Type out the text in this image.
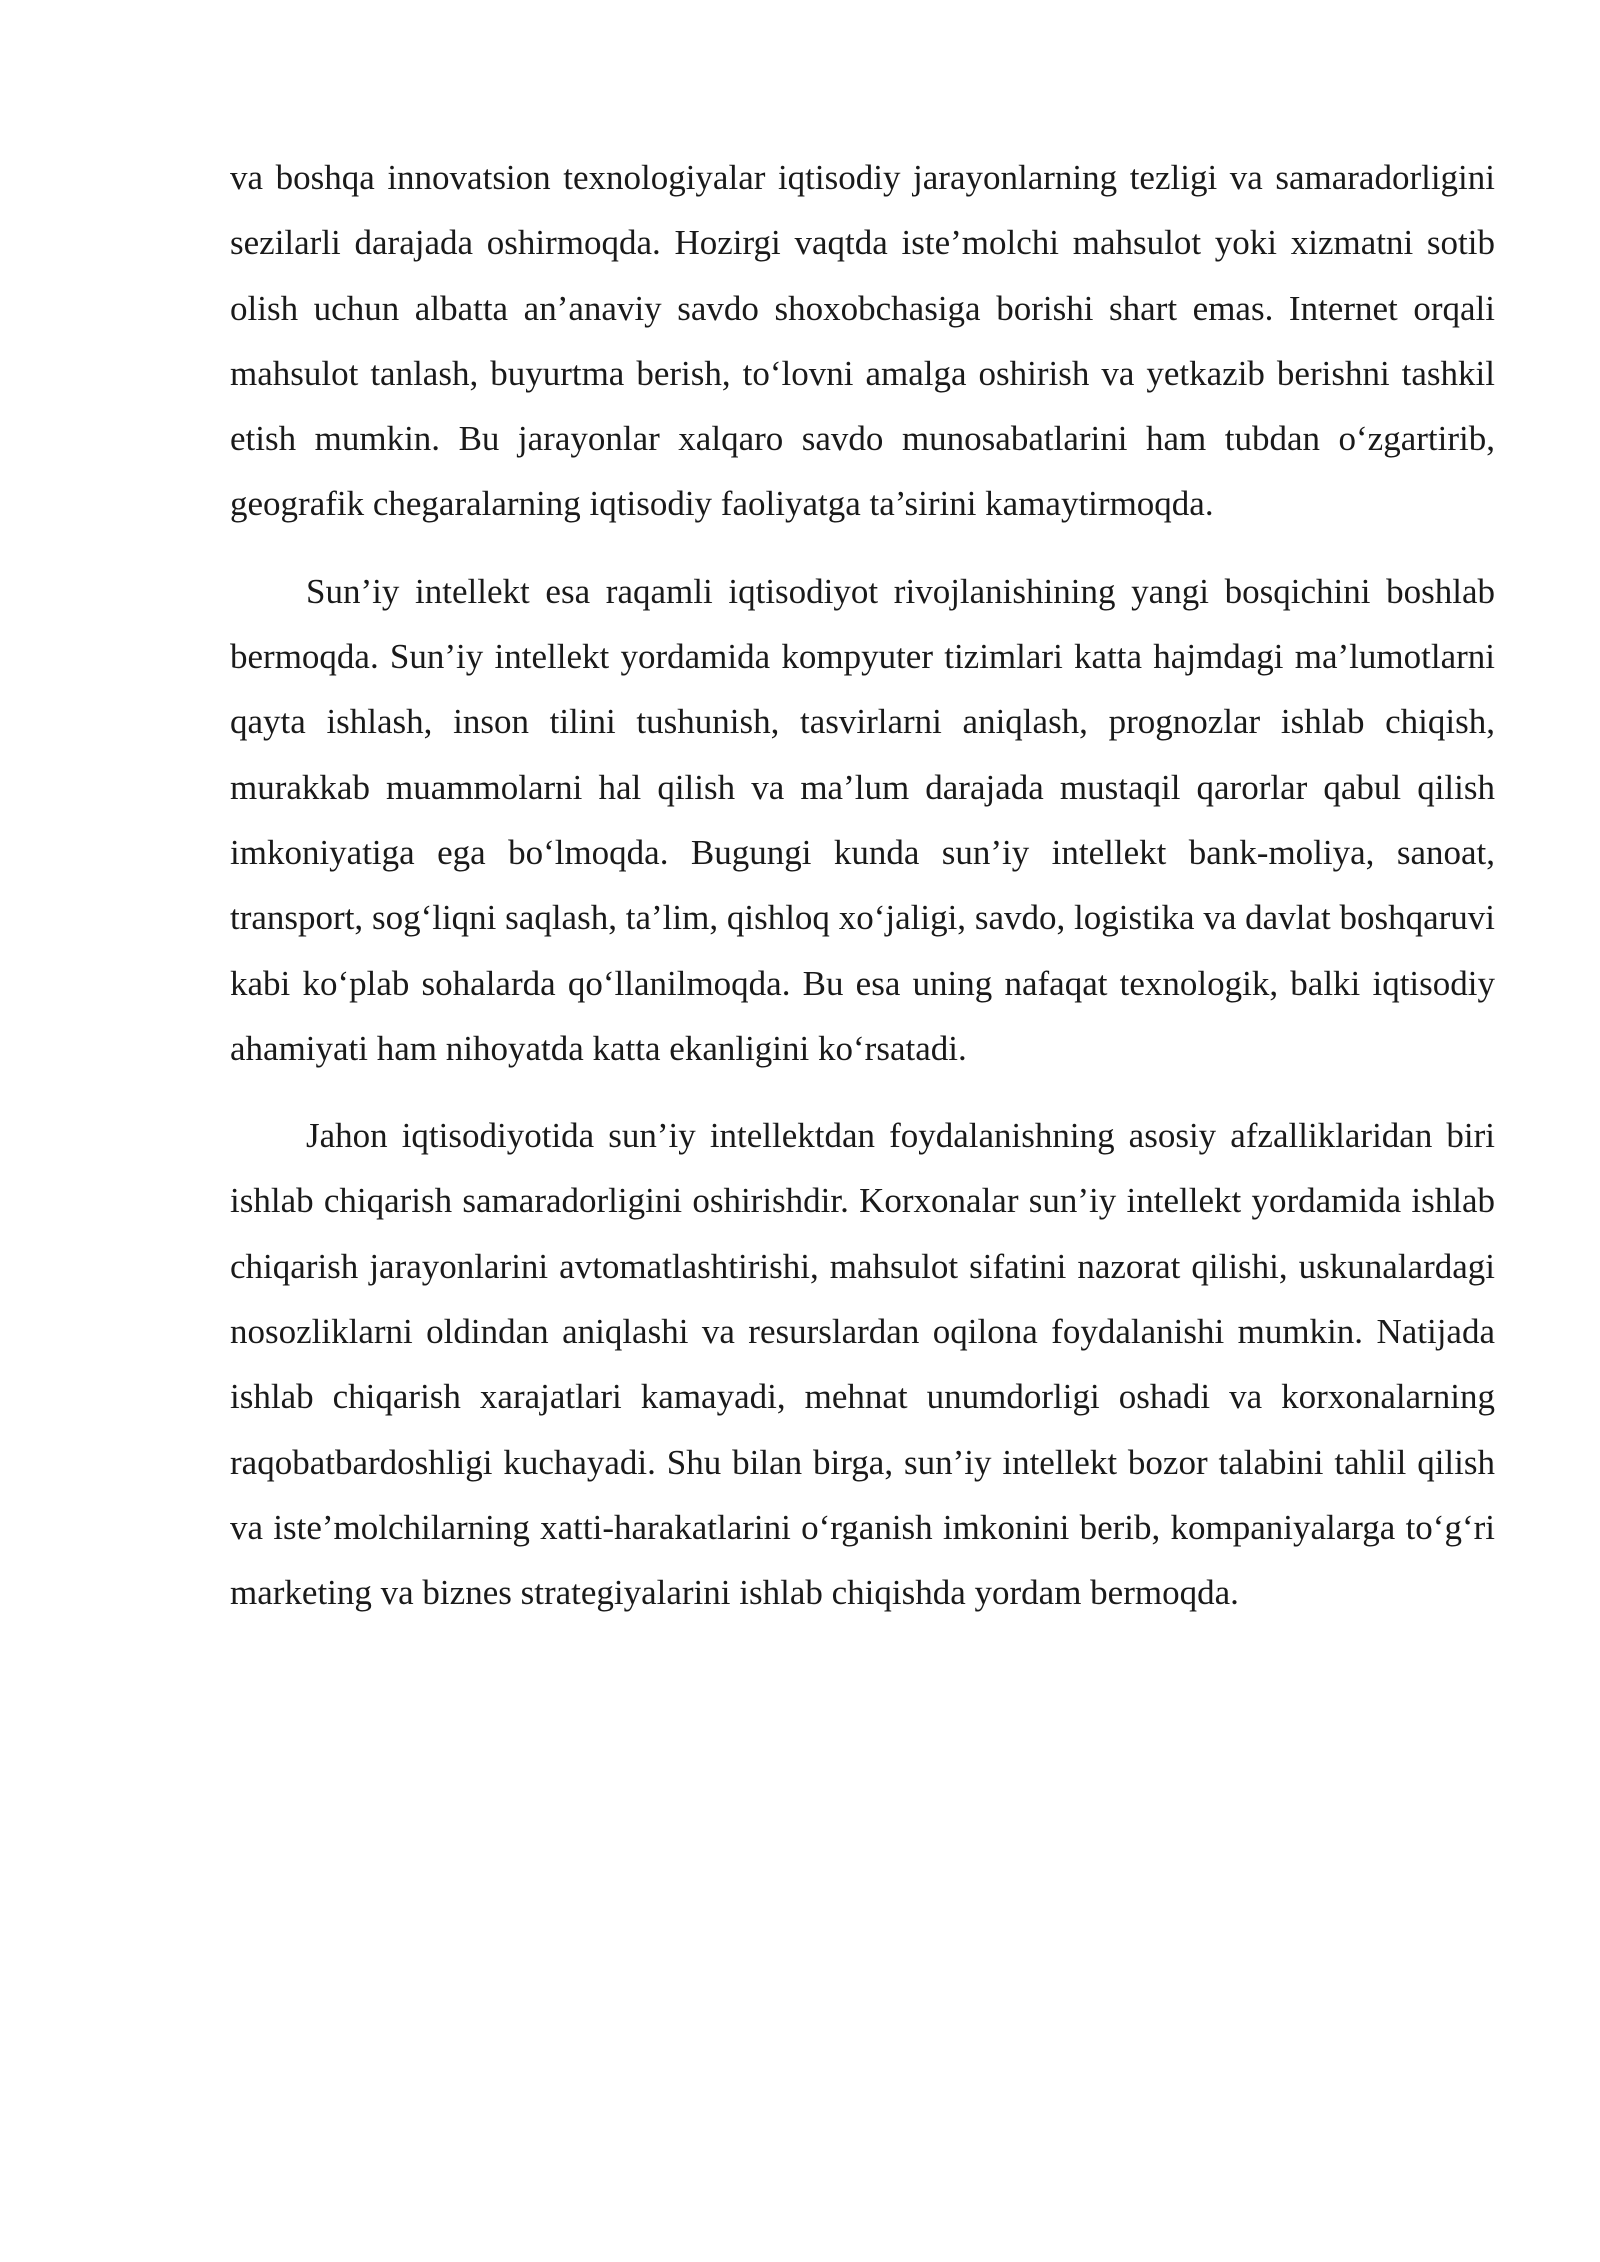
va boshqa innovatsion texnologiyalar iqtisodiy jarayonlarning tezligi va samaradorligini sezilarli darajada oshirmoqda. Hozirgi vaqtda iste’molchi mahsulot yoki xizmatni sotib olish uchun albatta an’anaviy savdo shoxobchasiga borishi shart emas. Internet orqali mahsulot tanlash, buyurtma berish, to‘lovni amalga oshirish va yetkazib berishni tashkil etish mumkin. Bu jarayonlar xalqaro savdo munosabatlarini ham tubdan o‘zgartirib, geografik chegaralarning iqtisodiy faoliyatga ta’sirini kamaytirmoqda.

Sun’iy intellekt esa raqamli iqtisodiyot rivojlanishining yangi bosqichini boshlab bermoqda. Sun’iy intellekt yordamida kompyuter tizimlari katta hajmdagi ma’lumotlarni qayta ishlash, inson tilini tushunish, tasvirlarni aniqlash, prognozlar ishlab chiqish, murakkab muammolarni hal qilish va ma’lum darajada mustaqil qarorlar qabul qilish imkoniyatiga ega bo‘lmoqda. Bugungi kunda sun’iy intellekt bank-moliya, sanoat, transport, sog‘liqni saqlash, ta’lim, qishloq xo‘jaligi, savdo, logistika va davlat boshqaruvi kabi ko‘plab sohalarda qo‘llanilmoqda. Bu esa uning nafaqat texnologik, balki iqtisodiy ahamiyati ham nihoyatda katta ekanligini ko‘rsatadi.

Jahon iqtisodiyotida sun’iy intellektdan foydalanishning asosiy afzalliklaridan biri ishlab chiqarish samaradorligini oshirishdir. Korxonalar sun’iy intellekt yordamida ishlab chiqarish jarayonlarini avtomatlashtirishi, mahsulot sifatini nazorat qilishi, uskunalardagi nosozliklarni oldindan aniqlashi va resurslardan oqilona foydalanishi mumkin. Natijada ishlab chiqarish xarajatlari kamayadi, mehnat unumdorligi oshadi va korxonalarning raqobatbardoshligi kuchayadi. Shu bilan birga, sun’iy intellekt bozor talabini tahlil qilish va iste’molchilarning xatti-harakatlarini o‘rganish imkonini berib, kompaniyalarga to‘g‘ri marketing va biznes strategiyalarini ishlab chiqishda yordam bermoqda.
